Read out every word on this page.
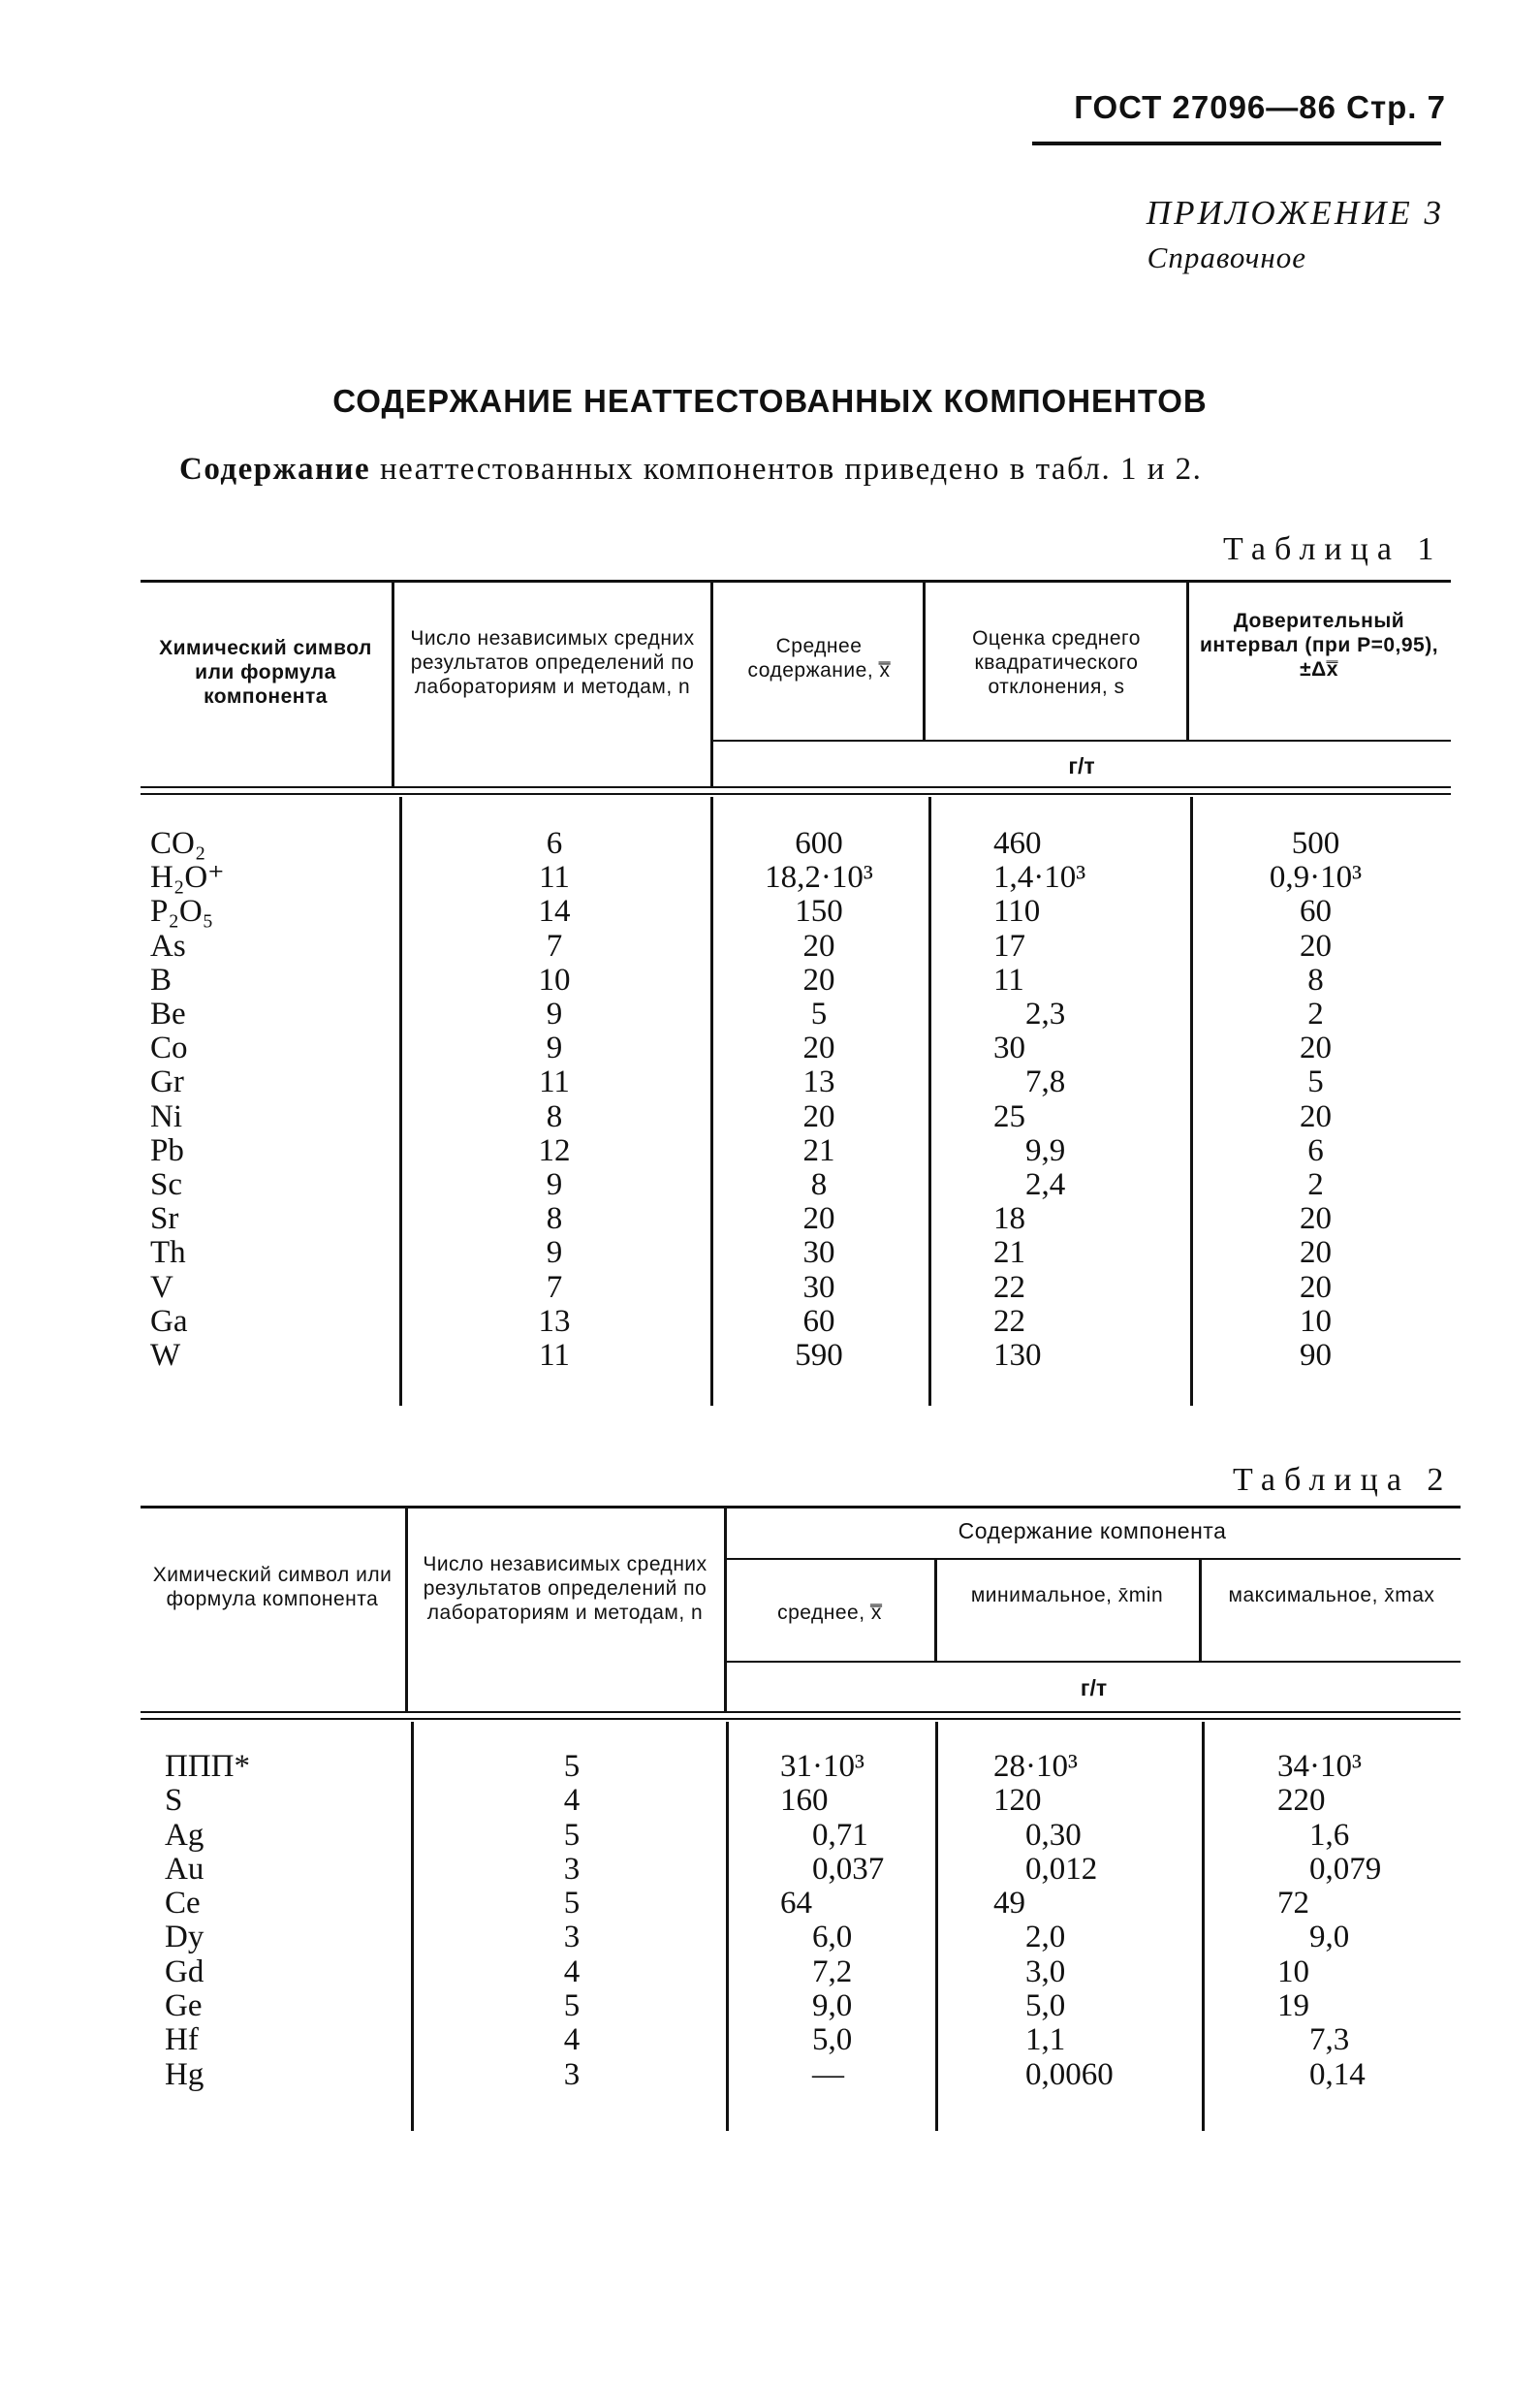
ГОСТ 27096—86 Стр. 7
ПРИЛОЖЕНИЕ 3
Справочное
СОДЕРЖАНИЕ НЕАТТЕСТОВАННЫХ КОМПОНЕНТОВ
Содержание неаттестованных компонентов приведено в табл. 1 и 2.
Таблица 1
Химический символ или формула компонента
Число независимых средних результатов определений по лабораториям и методам, n
Среднее содержание, x̿
Оценка среднего квадратического отклонения, s
Доверительный интервал (при P=0,95), ±Δx̿
г/т
CO₂
H₂O⁺
P₂O₅
As
B
Be
Co
Gr
Ni
Pb
Sc
Sr
Th
V
Ga
W
6
11
14
7
10
9
9
11
8
12
9
8
9
7
13
11
600
18,2·10³
150
20
20
5
20
13
20
21
8
20
30
30
60
590
460
1,4·10³
110
17
11
2,3
30
7,8
25
9,9
2,4
18
21
22
22
130
500
0,9·10³
60
20
8
2
20
5
20
6
2
20
20
20
10
90
Таблица 2
Химический символ или формула компонента
Число независимых средних результатов определений по лабораториям и методам, n
Содержание компонента
среднее, x̿
минимальное, x̄min	максимальное, x̄max
г/т
ППП*
S
Ag
Au
Ce
Dy
Gd
Ge
Hf
Hg
5
4
5
3
5
3
4
5
4
3
31·10³
160
0,71
0,037
64
6,0
7,2
9,0
5,0
—
28·10³
120
0,30
0,012
49
2,0
3,0
5,0
1,1
0,0060
34·10³
220
1,6
0,079
72
9,0
10
19
7,3
0,14
